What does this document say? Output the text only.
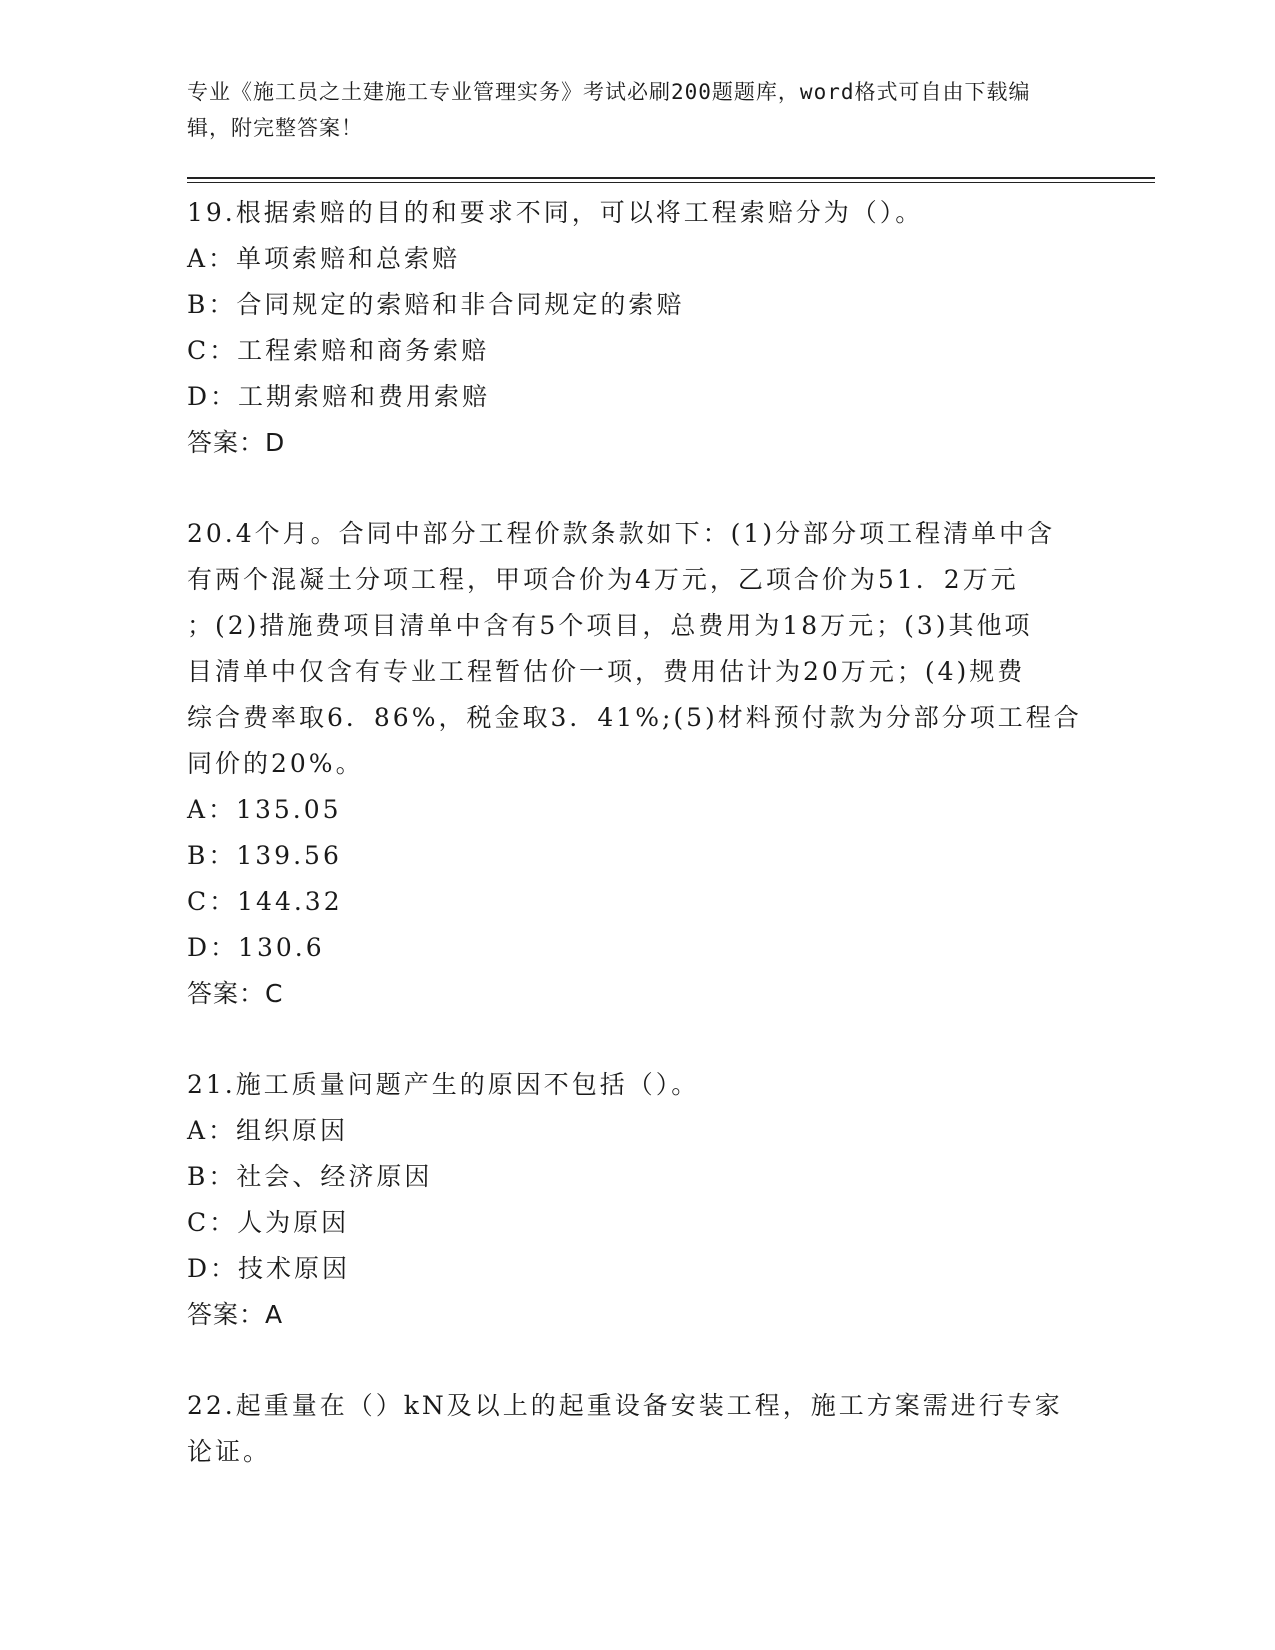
专业《施工员之土建施工专业管理实务》考试必刷200题题库，word格式可自由下载编辑，附完整答案！

19.根据索赔的目的和要求不同，可以将工程索赔分为（）。

A：单项索赔和总索赔

B：合同规定的索赔和非合同规定的索赔

C：工程索赔和商务索赔

D：工期索赔和费用索赔

答案：D

20.4个月。合同中部分工程价款条款如下：(1)分部分项工程清单中含

有两个混凝土分项工程，甲项合价为4万元，乙项合价为51．2万元

；(2)措施费项目清单中含有5个项目，总费用为18万元；(3)其他项

目清单中仅含有专业工程暂估价一项，费用估计为20万元；(4)规费

综合费率取6．86%，税金取3．41%;(5)材料预付款为分部分项工程合

同价的20%。

A：135.05

B：139.56

C：144.32

D：130.6

答案：C

21.施工质量问题产生的原因不包括（）。

A：组织原因

B：社会、经济原因

C：人为原因

D：技术原因

答案：A

22.起重量在（）kN及以上的起重设备安装工程，施工方案需进行专家

论证。
